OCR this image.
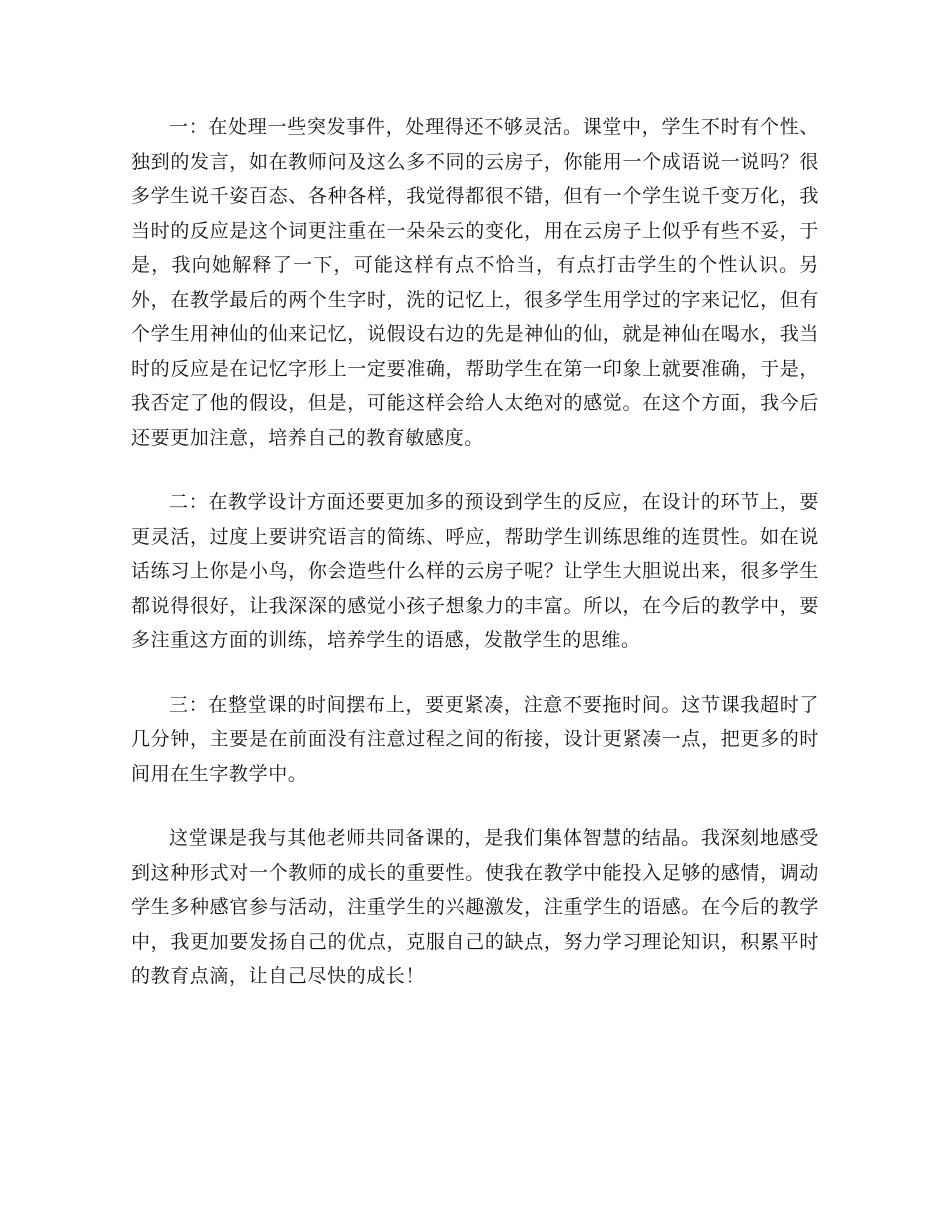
一：在处理一些突发事件，处理得还不够灵活。课堂中，学生不时有个性、独到的发言，如在教师问及这么多不同的云房子，你能用一个成语说一说吗？很多学生说千姿百态、各种各样，我觉得都很不错，但有一个学生说千变万化，我当时的反应是这个词更注重在一朵朵云的变化，用在云房子上似乎有些不妥，于是，我向她解释了一下，可能这样有点不恰当，有点打击学生的个性认识。另外，在教学最后的两个生字时，洗的记忆上，很多学生用学过的字来记忆，但有个学生用神仙的仙来记忆，说假设右边的先是神仙的仙，就是神仙在喝水，我当时的反应是在记忆字形上一定要准确，帮助学生在第一印象上就要准确，于是，我否定了他的假设，但是，可能这样会给人太绝对的感觉。在这个方面，我今后还要更加注意，培养自己的教育敏感度。

二：在教学设计方面还要更加多的预设到学生的反应，在设计的环节上，要更灵活，过度上要讲究语言的简练、呼应，帮助学生训练思维的连贯性。如在说话练习上你是小鸟，你会造些什么样的云房子呢？让学生大胆说出来，很多学生都说得很好，让我深深的感觉小孩子想象力的丰富。所以，在今后的教学中，要多注重这方面的训练，培养学生的语感，发散学生的思维。

三：在整堂课的时间摆布上，要更紧凑，注意不要拖时间。这节课我超时了几分钟，主要是在前面没有注意过程之间的衔接，设计更紧凑一点，把更多的时间用在生字教学中。

这堂课是我与其他老师共同备课的，是我们集体智慧的结晶。我深刻地感受到这种形式对一个教师的成长的重要性。使我在教学中能投入足够的感情，调动学生多种感官参与活动，注重学生的兴趣激发，注重学生的语感。在今后的教学中，我更加要发扬自己的优点，克服自己的缺点，努力学习理论知识，积累平时的教育点滴，让自己尽快的成长！
